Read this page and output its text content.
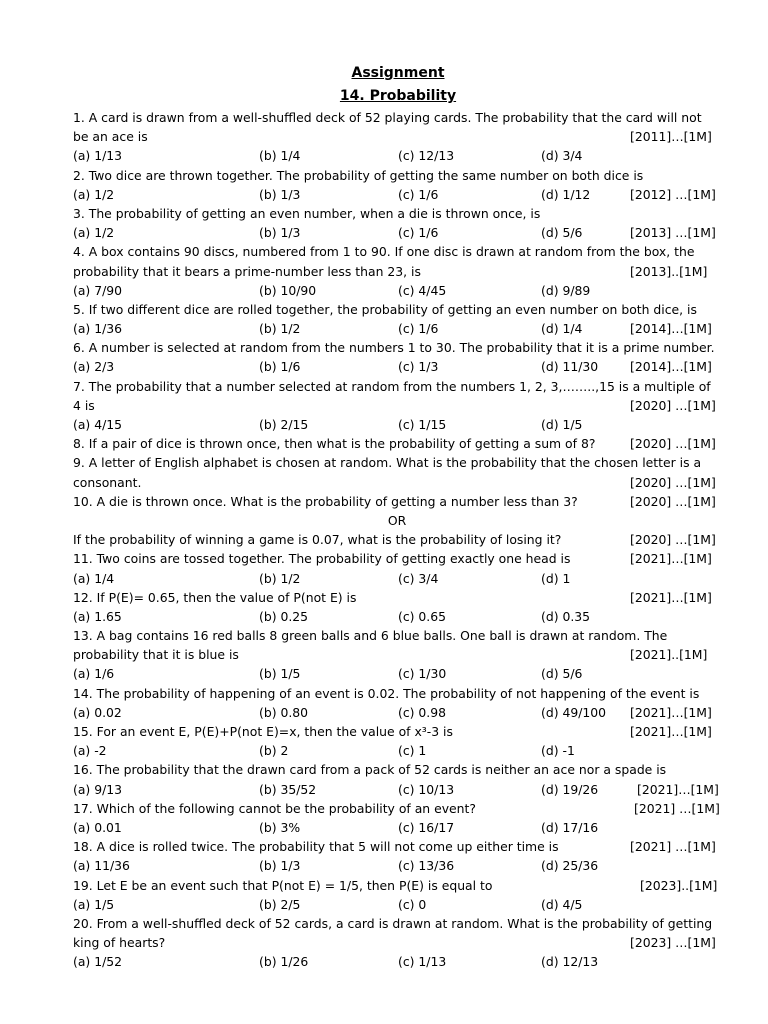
Assignment
14. Probability
1. A card is drawn from a well-shuffled deck of 52 playing cards. The probability that the card will not
be an ace is	[2011]…[1M]
(a) 1/13	(b) 1/4	(c) 12/13	(d) 3/4
2. Two dice are thrown together. The probability of getting the same number on both dice is
(a) 1/2	(b) 1/3	(c) 1/6	(d) 1/12	[2012] …[1M]
3. The probability of getting an even number, when a die is thrown once, is
(a) 1/2	(b) 1/3	(c) 1/6	(d) 5/6	[2013] …[1M]
4. A box contains 90 discs, numbered from 1 to 90. If one disc is drawn at random from the box, the
probability that it bears a prime-number less than 23, is	[2013]..[1M]
(a) 7/90	(b) 10/90	(c) 4/45	(d) 9/89
5. If two different dice are rolled together, the probability of getting an even number on both dice, is
(a) 1/36	(b) 1/2	(c) 1/6	(d) 1/4	[2014]…[1M]
6. A number is selected at random from the numbers 1 to 30. The probability that it is a prime number.
(a) 2/3	(b) 1/6	(c) 1/3	(d) 11/30	[2014]…[1M]
7. The probability that a number selected at random from the numbers 1, 2, 3,……..,15 is a multiple of
4 is	[2020] …[1M]
(a) 4/15	(b) 2/15	(c) 1/15	(d) 1/5
8. If a pair of dice is thrown once, then what is the probability of getting a sum of 8?	[2020] …[1M]
9. A letter of English alphabet is chosen at random. What is the probability that the chosen letter is a
consonant.	[2020] …[1M]
10. A die is thrown once. What is the probability of getting a number less than 3?	[2020] …[1M]
OR
If the probability of winning a game is 0.07, what is the probability of losing it?	[2020] …[1M]
11. Two coins are tossed together. The probability of getting exactly one head is	[2021]…[1M]
(a) 1/4	(b) 1/2	(c) 3/4	(d) 1
12. If P(E)= 0.65, then the value of P(not E) is	[2021]…[1M]
(a) 1.65	(b) 0.25	(c) 0.65	(d) 0.35
13. A bag contains 16 red balls 8 green balls and 6 blue balls. One ball is drawn at random. The
probability that it is blue is	[2021]..[1M]
(a) 1/6	(b) 1/5	(c) 1/30	(d) 5/6
14. The probability of happening of an event is 0.02. The probability of not happening of the event is
(a) 0.02	(b) 0.80	(c) 0.98	(d) 49/100 [2021]…[1M]
15. For an event E, P(E)+P(not E)=x, then the value of x³-3 is	[2021]…[1M]
(a) -2	(b) 2	(c) 1	(d) -1
16. The probability that the drawn card from a pack of 52 cards is neither an ace nor a spade is
(a) 9/13	(b) 35/52	(c) 10/13	(d) 19/26	[2021]…[1M]
17. Which of the following cannot be the probability of an event?	[2021] …[1M]
(a) 0.01	(b) 3%	(c) 16/17	(d) 17/16
18. A dice is rolled twice. The probability that 5 will not come up either time is	[2021] …[1M]
(a) 11/36	(b) 1/3	(c) 13/36	(d) 25/36
19. Let E be an event such that P(not E) = 1/5, then P(E) is equal to	[2023]..[1M]
(a) 1/5	(b) 2/5	(c) 0	(d) 4/5
20. From a well-shuffled deck of 52 cards, a card is drawn at random. What is the probability of getting
king of hearts?	[2023] …[1M]
(a) 1/52	(b) 1/26	(c) 1/13	(d) 12/13
